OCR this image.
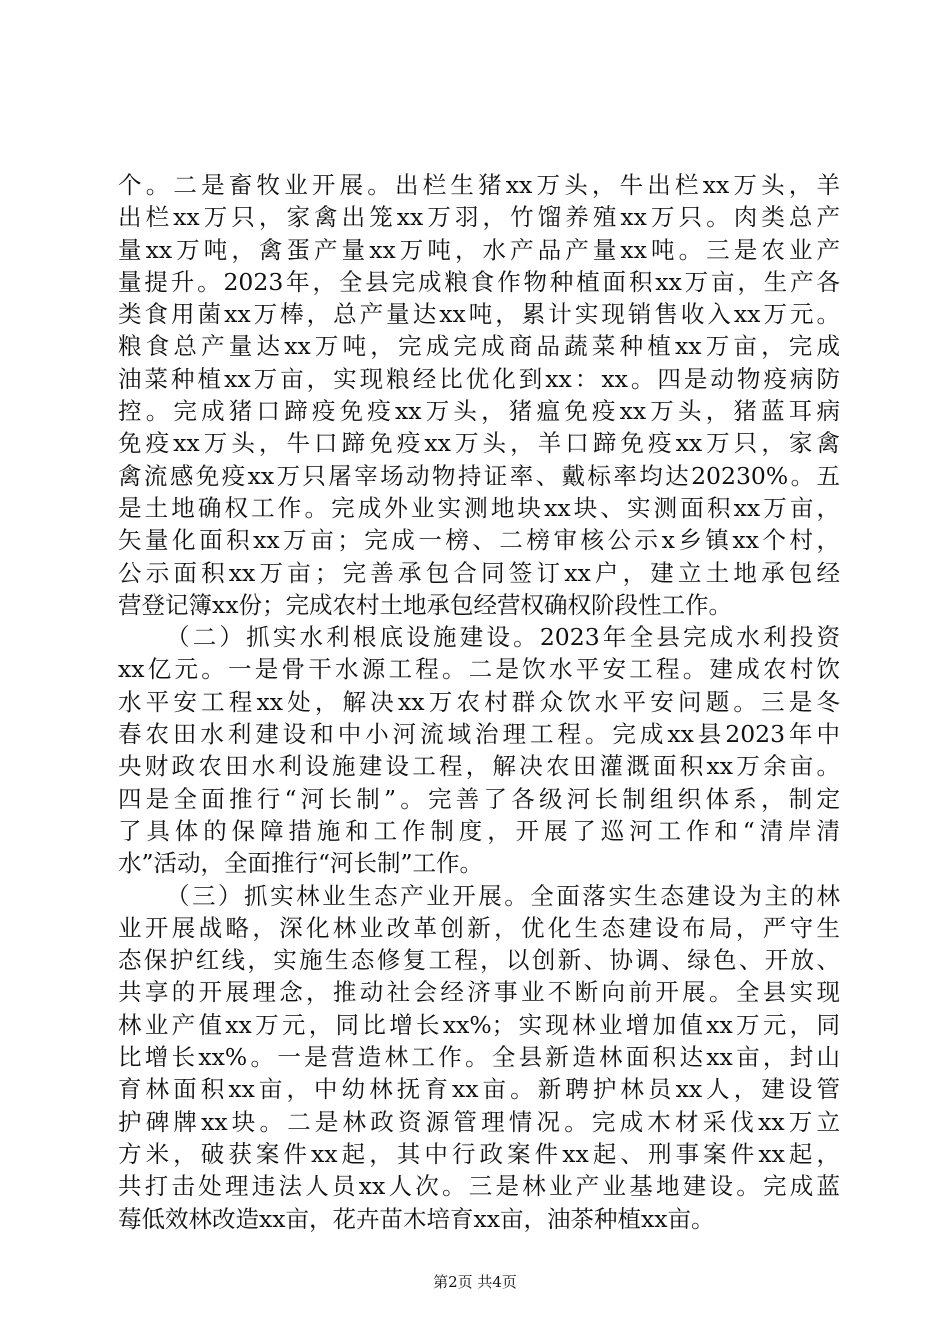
个。二是畜牧业开展。出栏生猪xx万头，牛出栏xx万头，羊
出栏xx万只，家禽出笼xx万羽，竹馏养殖xx万只。肉类总产
量xx万吨，禽蛋产量xx万吨，水产品产量xx吨。三是农业产
量提升。2023年，全县完成粮食作物种植面积xx万亩，生产各
类食用菌xx万棒，总产量达xx吨，累计实现销售收入xx万元。
粮食总产量达xx万吨，完成完成商品蔬菜种植xx万亩，完成
油菜种植xx万亩，实现粮经比优化到xx：xx。四是动物疫病防
控。完成猪口蹄疫免疫xx万头，猪瘟免疫xx万头，猪蓝耳病
免疫xx万头，牛口蹄免疫xx万头，羊口蹄免疫xx万只，家禽
禽流感免疫xx万只屠宰场动物持证率、戴标率均达20230%。五
是土地确权工作。完成外业实测地块xx块、实测面积xx万亩，
矢量化面积xx万亩；完成一榜、二榜审核公示x乡镇xx个村，
公示面积xx万亩；完善承包合同签订xx户，建立土地承包经
营登记簿xx份；完成农村土地承包经营权确权阶段性工作。
（二）抓实水利根底设施建设。2023年全县完成水利投资
xx亿元。一是骨干水源工程。二是饮水平安工程。建成农村饮
水平安工程xx处，解决xx万农村群众饮水平安问题。三是冬
春农田水利建设和中小河流域治理工程。完成xx县2023年中
央财政农田水利设施建设工程，解决农田灌溉面积xx万余亩。
四是全面推行“河长制”。完善了各级河长制组织体系，制定
了具体的保障措施和工作制度，开展了巡河工作和“清岸清
水”活动，全面推行“河长制”工作。
（三）抓实林业生态产业开展。全面落实生态建设为主的林
业开展战略，深化林业改革创新，优化生态建设布局，严守生
态保护红线，实施生态修复工程，以创新、协调、绿色、开放、
共享的开展理念，推动社会经济事业不断向前开展。全县实现
林业产值xx万元，同比增长xx%；实现林业增加值xx万元，同
比增长xx%。一是营造林工作。全县新造林面积达xx亩，封山
育林面积xx亩，中幼林抚育xx亩。新聘护林员xx人，建设管
护碑牌xx块。二是林政资源管理情况。完成木材采伐xx万立
方米，破获案件xx起，其中行政案件xx起、刑事案件xx起，
共打击处理违法人员xx人次。三是林业产业基地建设。完成蓝
莓低效林改造xx亩，花卉苗木培育xx亩，油茶种植xx亩。
第2页 共4页
